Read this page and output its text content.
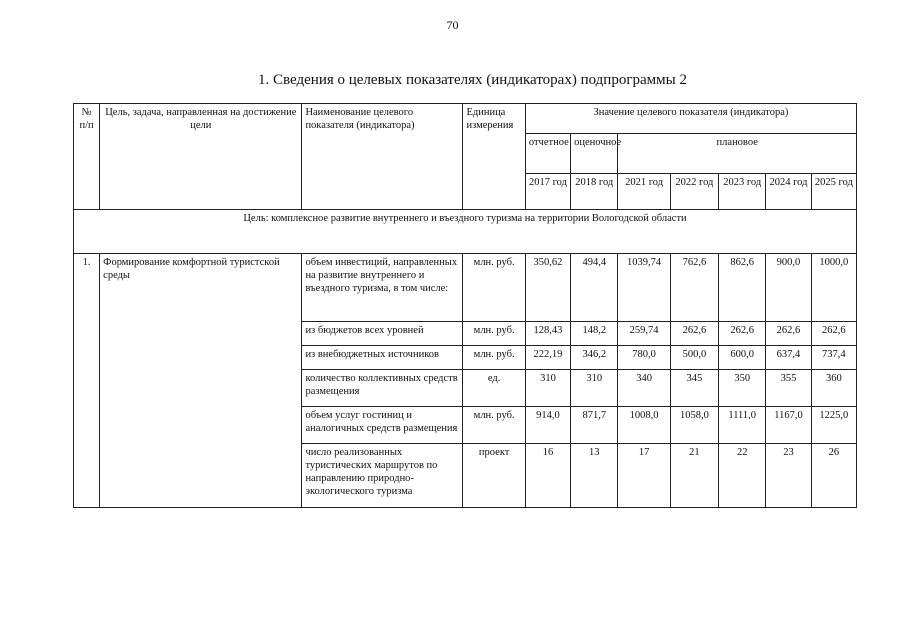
70
1. Сведения о целевых показателях (индикаторах) подпрограммы 2
№ п/п	Цель, задача, направленная на достижение цели	Наименование целевого показателя (индикатора)	Единица измерения	Значение целевого показателя (индикатора)						
				отчетное	оценочное	плановое				
				2017 год	2018 год	2021 год	2022 год	2023 год	2024 год	2025 год
Цель: комплексное развитие внутреннего и въездного туризма на территории Вологодской области										
1.	Формирование комфортной туристской среды	объем инвестиций, направленных на развитие внутреннего и въездного туризма, в том числе:	млн. руб.	350,62	494,4	1039,74	762,6	862,6	900,0	1000,0
		из бюджетов всех уровней	млн. руб.	128,43	148,2	259,74	262,6	262,6	262,6	262,6
		из внебюджетных источников	млн. руб.	222,19	346,2	780,0	500,0	600,0	637,4	737,4
		количество коллективных средств размещения	ед.	310	310	340	345	350	355	360
		объем услуг гостиниц и аналогичных средств размещения	млн. руб.	914,0	871,7	1008,0	1058,0	1111,0	1167,0	1225,0
		число реализованных туристических маршрутов по направлению природно-экологического туризма	проект	16	13	17	21	22	23	26
